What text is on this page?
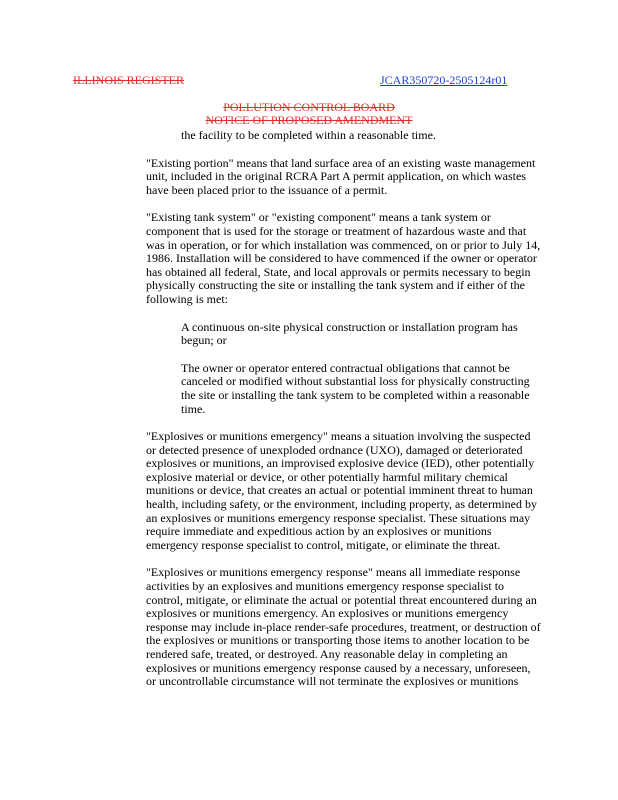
ILLINOIS REGISTER	JCAR350720-2505124r01
POLLUTION CONTROL BOARD
NOTICE OF PROPOSED AMENDMENT

the facility to be completed within a reasonable time.

"Existing portion" means that land surface area of an existing waste management
unit, included in the original RCRA Part A permit application, on which wastes
have been placed prior to the issuance of a permit.

"Existing tank system" or "existing component" means a tank system or
component that is used for the storage or treatment of hazardous waste and that
was in operation, or for which installation was commenced, on or prior to July 14,
1986. Installation will be considered to have commenced if the owner or operator
has obtained all federal, State, and local approvals or permits necessary to begin
physically constructing the site or installing the tank system and if either of the
following is met:

A continuous on-site physical construction or installation program has
begun; or

The owner or operator entered contractual obligations that cannot be
canceled or modified without substantial loss for physically constructing
the site or installing the tank system to be completed within a reasonable
time.

"Explosives or munitions emergency" means a situation involving the suspected
or detected presence of unexploded ordnance (UXO), damaged or deteriorated
explosives or munitions, an improvised explosive device (IED), other potentially
explosive material or device, or other potentially harmful military chemical
munitions or device, that creates an actual or potential imminent threat to human
health, including safety, or the environment, including property, as determined by
an explosives or munitions emergency response specialist. These situations may
require immediate and expeditious action by an explosives or munitions
emergency response specialist to control, mitigate, or eliminate the threat.

"Explosives or munitions emergency response" means all immediate response
activities by an explosives and munitions emergency response specialist to
control, mitigate, or eliminate the actual or potential threat encountered during an
explosives or munitions emergency. An explosives or munitions emergency
response may include in-place render-safe procedures, treatment, or destruction of
the explosives or munitions or transporting those items to another location to be
rendered safe, treated, or destroyed. Any reasonable delay in completing an
explosives or munitions emergency response caused by a necessary, unforeseen,
or uncontrollable circumstance will not terminate the explosives or munitions
